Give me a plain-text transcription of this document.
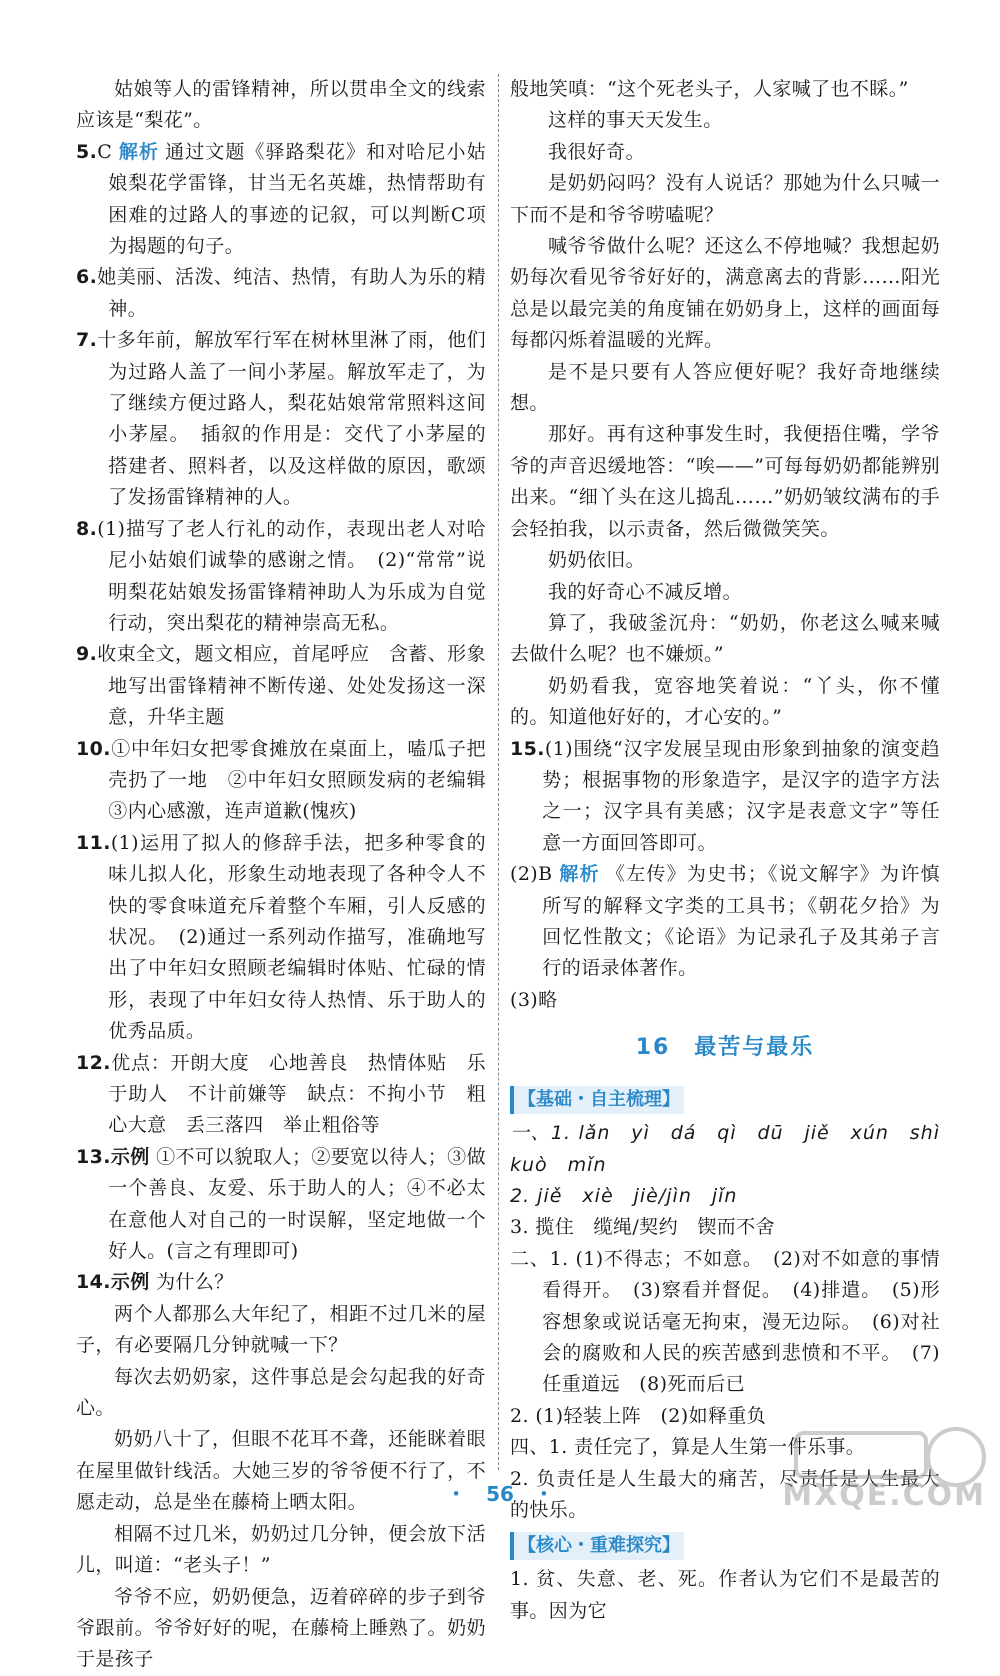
姑娘等人的雷锋精神，所以贯串全文的线索应该是“梨花”。

5.C 解析 通过文题《驿路梨花》和对哈尼小姑娘梨花学雷锋，甘当无名英雄，热情帮助有困难的过路人的事迹的记叙，可以判断C项为揭题的句子。

6.她美丽、活泼、纯洁、热情，有助人为乐的精神。

7.十多年前，解放军行军在树林里淋了雨，他们为过路人盖了一间小茅屋。解放军走了，为了继续方便过路人，梨花姑娘常常照料这间小茅屋。　插叙的作用是：交代了小茅屋的搭建者、照料者，以及这样做的原因，歌颂了发扬雷锋精神的人。

8.(1)描写了老人行礼的动作，表现出老人对哈尼小姑娘们诚挚的感谢之情。　(2)“常常”说明梨花姑娘发扬雷锋精神助人为乐成为自觉行动，突出梨花的精神崇高无私。

9.收束全文，题文相应，首尾呼应　含蓄、形象地写出雷锋精神不断传递、处处发扬这一深意，升华主题

10.①中年妇女把零食摊放在桌面上，嗑瓜子把壳扔了一地　②中年妇女照顾发病的老编辑　③内心感激，连声道歉(愧疚)

11.(1)运用了拟人的修辞手法，把多种零食的味儿拟人化，形象生动地表现了各种令人不快的零食味道充斥着整个车厢，引人反感的状况。　(2)通过一系列动作描写，准确地写出了中年妇女照顾老编辑时体贴、忙碌的情形，表现了中年妇女待人热情、乐于助人的优秀品质。

12.优点：开朗大度　心地善良　热情体贴　乐于助人　不计前嫌等　缺点：不拘小节　粗心大意　丢三落四　举止粗俗等

13.示例 ①不可以貌取人；②要宽以待人；③做一个善良、友爱、乐于助人的人；④不必太在意他人对自己的一时误解，坚定地做一个好人。(言之有理即可)

14.示例 为什么？

两个人都那么大年纪了，相距不过几米的屋子，有必要隔几分钟就喊一下？

每次去奶奶家，这件事总是会勾起我的好奇心。

奶奶八十了，但眼不花耳不聋，还能眯着眼在屋里做针线活。大她三岁的爷爷便不行了，不愿走动，总是坐在藤椅上晒太阳。

相隔不过几米，奶奶过几分钟，便会放下活儿，叫道：“老头子！”

爷爷不应，奶奶便急，迈着碎碎的步子到爷爷跟前。爷爷好好的呢，在藤椅上睡熟了。奶奶于是孩子

般地笑嗔：“这个死老头子，人家喊了也不睬。”

这样的事天天发生。

我很好奇。

是奶奶闷吗？没有人说话？那她为什么只喊一下而不是和爷爷唠嗑呢？

喊爷爷做什么呢？还这么不停地喊？我想起奶奶每次看见爷爷好好的，满意离去的背影……阳光总是以最完美的角度铺在奶奶身上，这样的画面每每都闪烁着温暖的光辉。

是不是只要有人答应便好呢？我好奇地继续想。

那好。再有这种事发生时，我便捂住嘴，学爷爷的声音迟缓地答：“唉——”可每每奶奶都能辨别出来。“细丫头在这儿捣乱……”奶奶皱纹满布的手会轻拍我，以示责备，然后微微笑笑。

奶奶依旧。

我的好奇心不减反增。

算了，我破釜沉舟：“奶奶，你老这么喊来喊去做什么呢？也不嫌烦。”

奶奶看我，宽容地笑着说：“丫头，你不懂的。知道他好好的，才心安的。”

15.(1)围绕“汉字发展呈现由形象到抽象的演变趋势；根据事物的形象造字，是汉字的造字方法之一；汉字具有美感；汉字是表意文字”等任意一方面回答即可。

(2)B 解析 《左传》为史书；《说文解字》为许慎所写的解释文字类的工具书；《朝花夕拾》为回忆性散文；《论语》为记录孔子及其弟子言行的语录体著作。

(3)略

16　最苦与最乐

【基础・自主梳理】

一、1. lǎn　yì　dá　qì　dū　jiě　xún　shì　kuò　mǐn

2. jiě　xiè　jiè/jìn　jǐn

3. 揽住　缆绳/契约　锲而不舍

二、1. (1)不得志；不如意。　(2)对不如意的事情看得开。　(3)察看并督促。　(4)排遣。　(5)形容想象或说话毫无拘束，漫无边际。　(6)对社会的腐败和人民的疾苦感到悲愤和不平。　(7)任重道远　(8)死而后已

2. (1)轻装上阵　(2)如释重负

四、1. 责任完了，算是人生第一件乐事。

2. 负责任是人生最大的痛苦，尽责任是人生最大的快乐。

【核心・重难探究】

1. 贫、失意、老、死。作者认为它们不是最苦的事。因为它

・　56　・	MXQE.COM
